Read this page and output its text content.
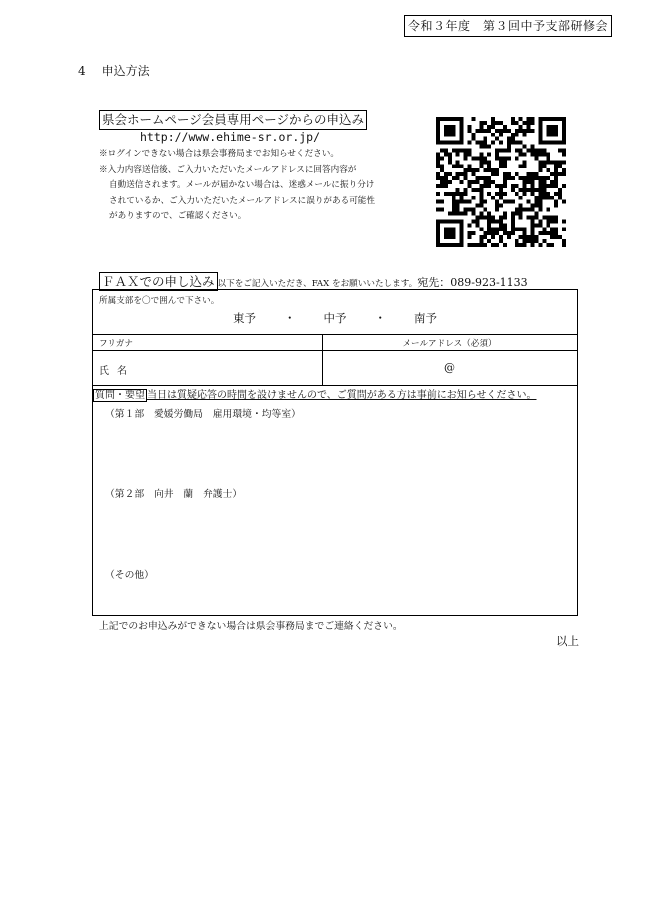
令和３年度　第３回中予支部研修会
4 申込方法
県会ホームページ会員専用ページからの申込み
http://www.ehime-sr.or.jp/
※ログインできない場合は県会事務局までお知らせください。
※入力内容送信後、ご入力いただいたメールアドレスに回答内容が
自動送信されます。メールが届かない場合は、迷惑メールに振り分け
されているか、ご入力いただいたメールアドレスに誤りがある可能性
がありますので、ご確認ください。
ＦＡＸでの申し込み 以下をご記入いただき、FAX をお願いいたします。宛先：089-923-1133
所属支部を〇で囲んで下さい。
東予 ・ 中予 ・ 南予
フリガナ	メールアドレス（必須）
氏名	@
質問・要望 当日は質疑応答の時間を設けませんので、ご質問がある方は事前にお知らせください。
（第１部　愛媛労働局　雇用環境・均等室）
（第２部　向井　蘭　弁護士）
（その他）
上記でのお申込みができない場合は県会事務局までご連絡ください。
以上
